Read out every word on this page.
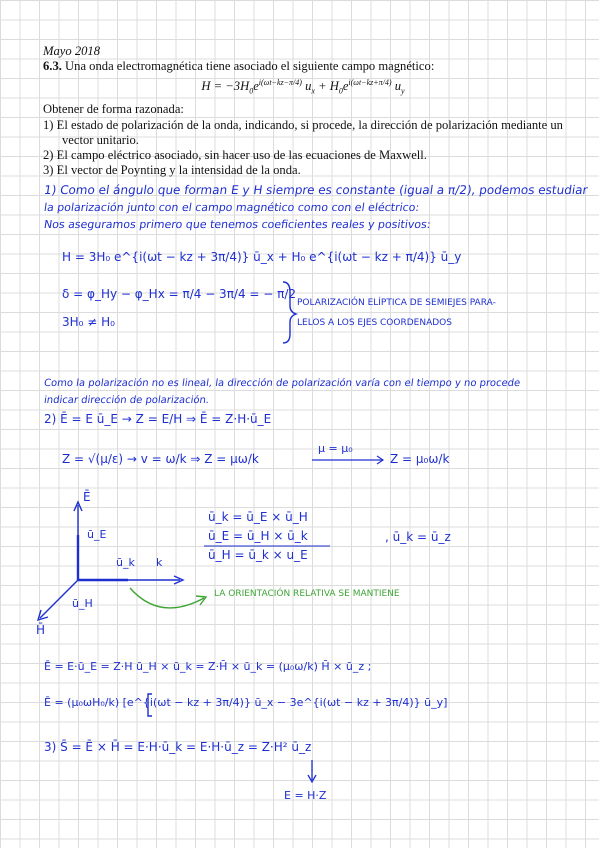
Mayo 2018
6.3. Una onda electromagnética tiene asociado el siguiente campo magnético:
$H = -3H_0e^{i(\omega t-kz-\pi/4)}$ $u_x + H_0e^{i(\omega t-kz+\pi/4)}$ $u_y$
Obtener de forma razonada:
1) El estado de polarización de la onda, indicando, si procede, la dirección de polarización mediante un vector unitario.
2) El campo eléctrico asociado, sin hacer uso de las ecuaciones de Maxwell.
3) El vector de Poynting y la intensidad de la onda.
1) Como el ángulo que forman E y H siempre es constante (igual a π/2), podemos estudiar
la polarización junto con el campo magnético como con el eléctrico:
Nos aseguramos primero que tenemos coeficientes reales y positivos:
H = 3H₀ e^{i(ωt − kz + 3π/4)} ū_x + H₀ e^{i(ωt − kz + π/4)} ū_y
δ = φ_Hy − φ_Hx = π/4 − 3π/4 = − π/2
3H₀ ≠ H₀
POLARIZACIÓN ELÍPTICA DE SEMIEJES PARA-
LELOS A LOS EJES COORDENADOS
Como la polarización no es lineal, la dirección de polarización varía con el tiempo y no procede
indicar dirección de polarización.
2) Ē = E ū_E → Z = E/H ⇒ Ē = Z·H·ū_E
Z = √(μ/ε) → v = ω/k ⇒ Z = μω/k
μ = μ₀
Z = μ₀ω/k
Ē
ū_E
ū_k k
ū_H
H̄
ū_k = ū_E × ū_H
ū_E = ū_H × ū_k
ū_H = ū_k × u_E
, ū_k = ū_z
LA ORIENTACIÓN RELATIVA SE MANTIENE
Ē = E·ū_E = Z·H ū_H × ū_k = Z·H̄ × ū_k = (μ₀ω/k) H̄ × ū_z ;
Ē = (μ₀ωH₀/k) [e^{i(ωt − kz + 3π/4)} ū_x − 3e^{i(ωt − kz + 3π/4)} ū_y]
3) S̄ = Ē × H̄ = E·H·ū_k = E·H·ū_z = Z·H² ū_z
E = H·Z
